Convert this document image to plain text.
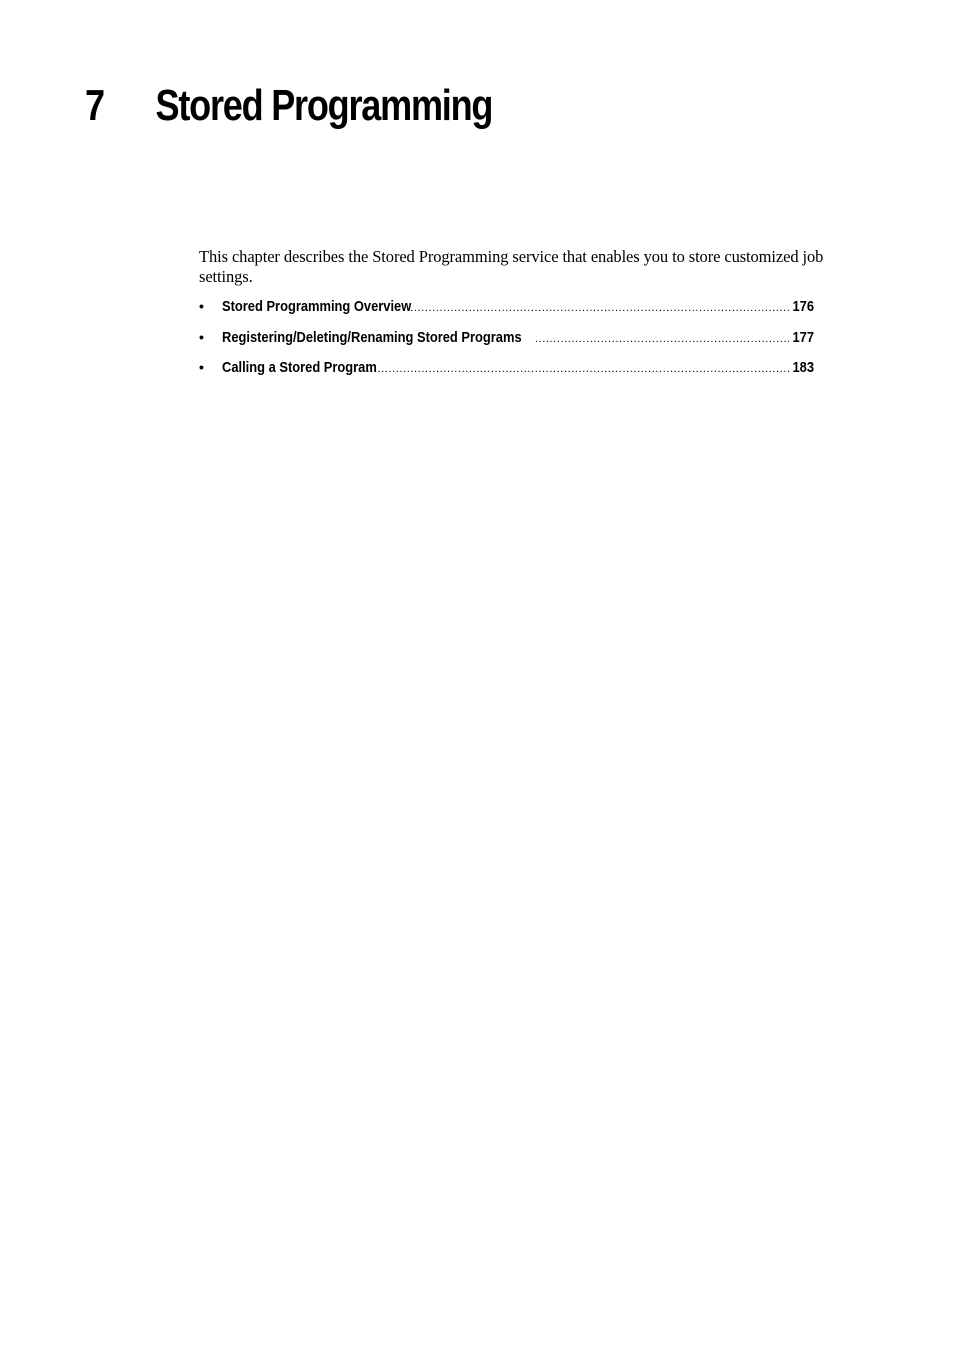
7	Stored Programming

This chapter describes the Stored Programming service that enables you to store customized job settings.

•	Stored Programming Overview .....	176
•	Registering/Deleting/Renaming Stored Programs .....	177
•	Calling a Stored Program .....	183
